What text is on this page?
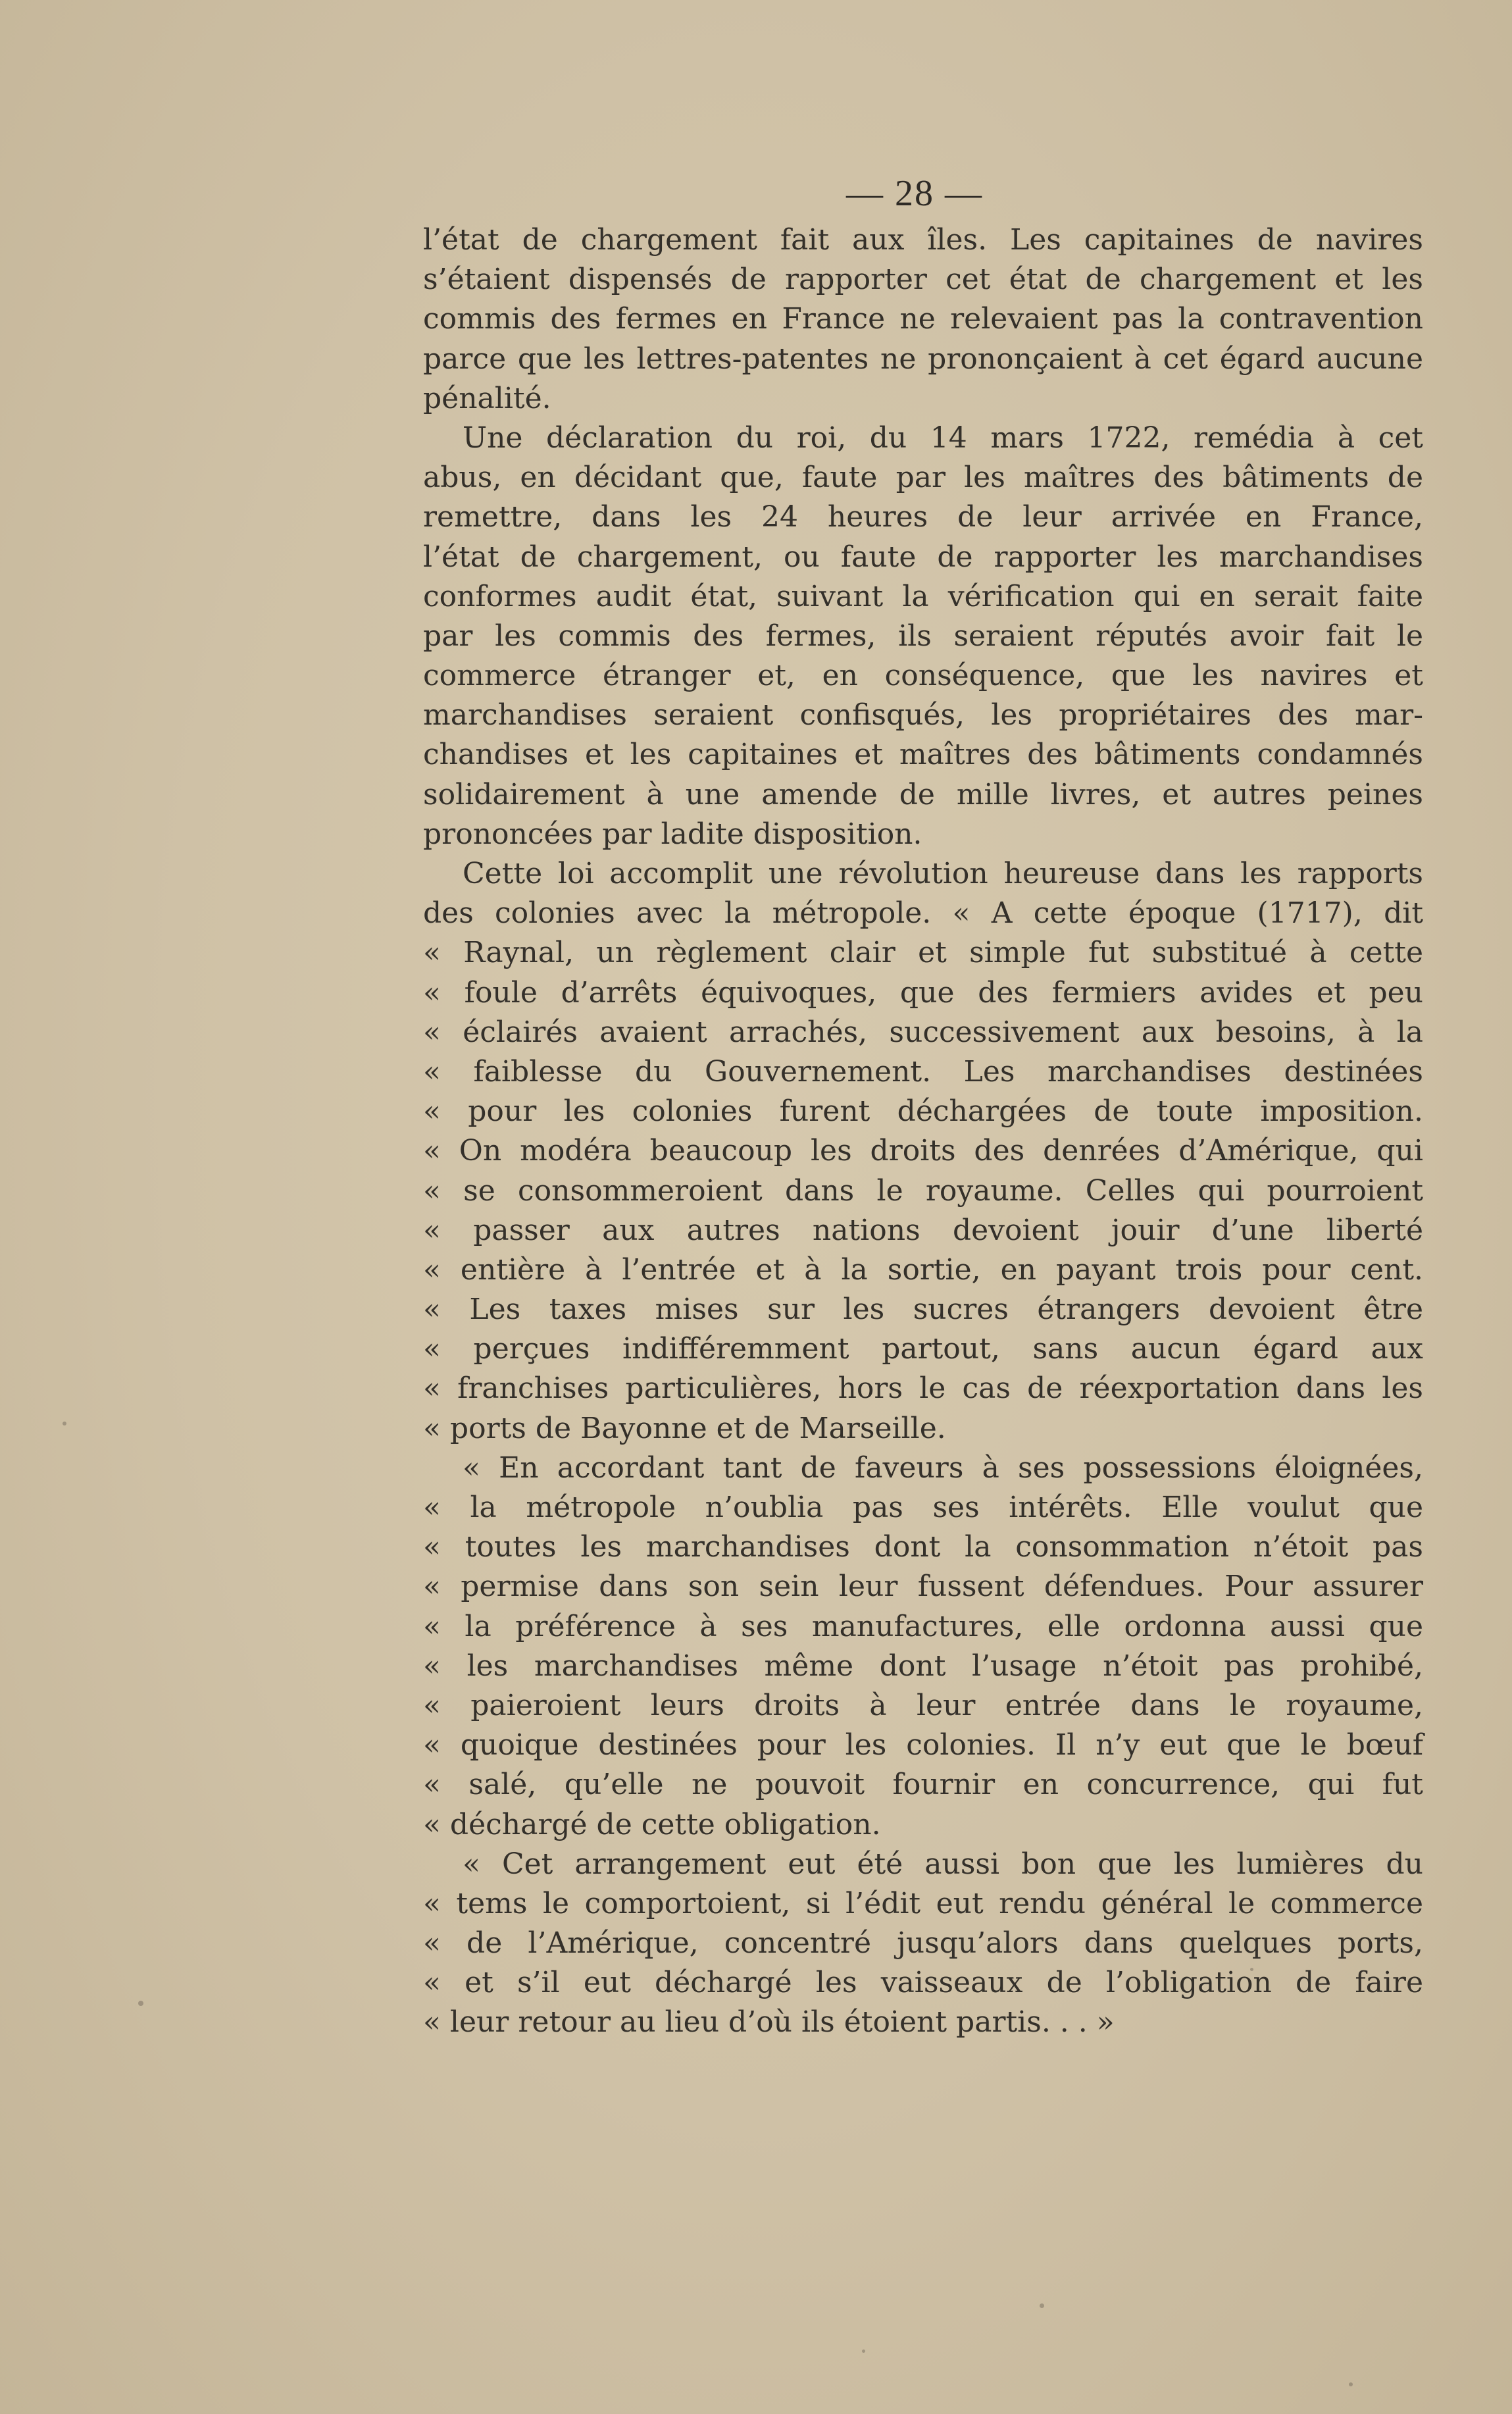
— 28 —
l’état de chargement fait aux îles. Les capitaines de navires
s’étaient dispensés de rapporter cet état de chargement et les
commis des fermes en France ne relevaient pas la contravention
parce que les lettres-patentes ne prononçaient à cet égard aucune
pénalité.
Une déclaration du roi, du 14 mars 1722, remédia à cet
abus, en décidant que, faute par les maîtres des bâtiments de
remettre, dans les 24 heures de leur arrivée en France,
l’état de chargement, ou faute de rapporter les marchandises
conformes audit état, suivant la vérification qui en serait faite
par les commis des fermes, ils seraient réputés avoir fait le
commerce étranger et, en conséquence, que les navires et
marchandises seraient confisqués, les propriétaires des mar-
chandises et les capitaines et maîtres des bâtiments condamnés
solidairement à une amende de mille livres, et autres peines
prononcées par ladite disposition.
Cette loi accomplit une révolution heureuse dans les rapports
des colonies avec la métropole. « A cette époque (1717), dit
« Raynal, un règlement clair et simple fut substitué à cette
« foule d’arrêts équivoques, que des fermiers avides et peu
« éclairés avaient arrachés, successivement aux besoins, à la
« faiblesse du Gouvernement. Les marchandises destinées
« pour les colonies furent déchargées de toute imposition.
« On modéra beaucoup les droits des denrées d’Amérique, qui
« se consommeroient dans le royaume. Celles qui pourroient
« passer aux autres nations devoient jouir d’une liberté
« entière à l’entrée et à la sortie, en payant trois pour cent.
« Les taxes mises sur les sucres étrangers devoient être
« perçues indifféremment partout, sans aucun égard aux
« franchises particulières, hors le cas de réexportation dans les
« ports de Bayonne et de Marseille.
« En accordant tant de faveurs à ses possessions éloignées,
« la métropole n’oublia pas ses intérêts. Elle voulut que
« toutes les marchandises dont la consommation n’étoit pas
« permise dans son sein leur fussent défendues. Pour assurer
« la préférence à ses manufactures, elle ordonna aussi que
« les marchandises même dont l’usage n’étoit pas prohibé,
« paieroient leurs droits à leur entrée dans le royaume,
« quoique destinées pour les colonies. Il n’y eut que le bœuf
« salé, qu’elle ne pouvoit fournir en concurrence, qui fut
« déchargé de cette obligation.
« Cet arrangement eut été aussi bon que les lumières du
« tems le comportoient, si l’édit eut rendu général le commerce
« de l’Amérique, concentré jusqu’alors dans quelques ports,
« et s’il eut déchargé les vaisseaux de l’obligation de faire
« leur retour au lieu d’où ils étoient partis. . . »
